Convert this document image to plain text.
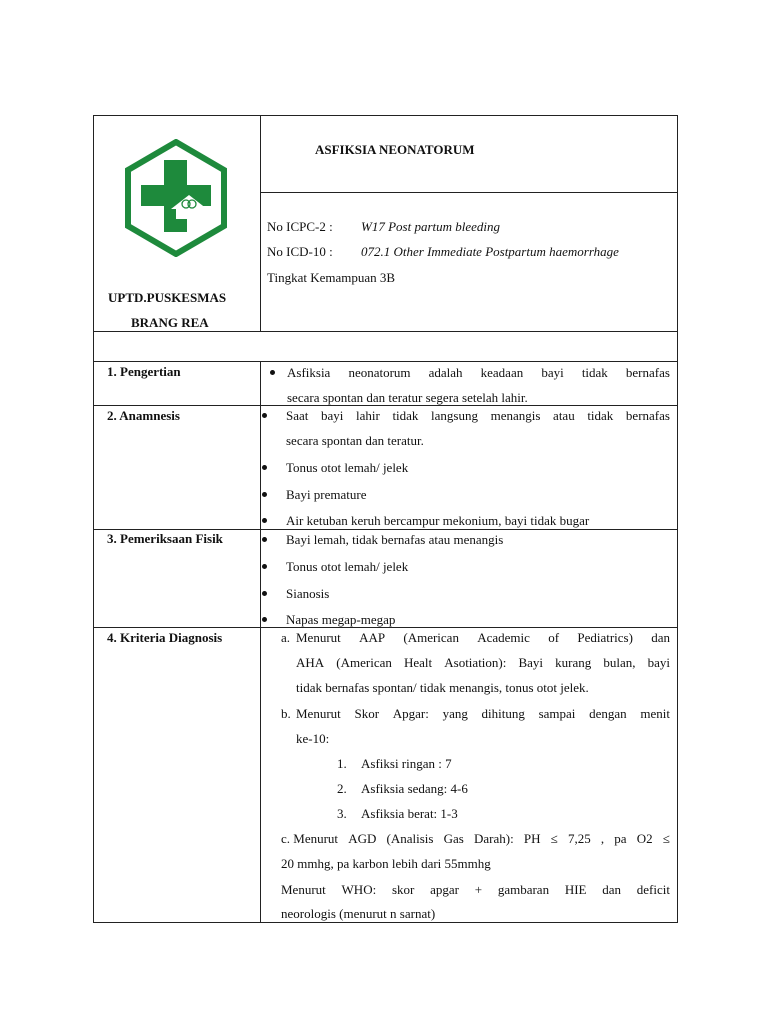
UPTD.PUSKESMAS
BRANG REA
ASFIKSIA NEONATORUM
No ICPC-2 : W17 Post partum bleeding
No ICD-10 : 072.1 Other Immediate Postpartum haemorrhage
Tingkat Kemampuan 3B
1. Pengertian	Asfiksia neonatorum adalah keadaan bayi tidak bernafas
secara spontan dan teratur segera setelah lahir.
2. Anamnesis	Saat bayi lahir tidak langsung menangis atau tidak bernafas
secara spontan dan teratur.
Tonus otot lemah/ jelek
Bayi premature
Air ketuban keruh bercampur mekonium, bayi tidak bugar
3. Pemeriksaan Fisik	Bayi lemah, tidak bernafas atau menangis
Tonus otot lemah/ jelek
Sianosis
Napas megap-megap
4. Kriteria Diagnosis	a. Menurut AAP (American Academic of Pediatrics) dan
AHA (American Healt Asotiation): Bayi kurang bulan, bayi
tidak bernafas spontan/ tidak menangis, tonus otot jelek.
b. Menurut Skor Apgar: yang dihitung sampai dengan menit
ke-10:
1. Asfiksi ringan : 7
2. Asfiksia sedang: 4-6
3. Asfiksia berat: 1-3
c. Menurut AGD (Analisis Gas Darah): PH ≤ 7,25 , pa O2 ≤
20 mmhg, pa karbon lebih dari 55mmhg
Menurut WHO: skor apgar + gambaran HIE dan deficit
neorologis (menurut n sarnat)
